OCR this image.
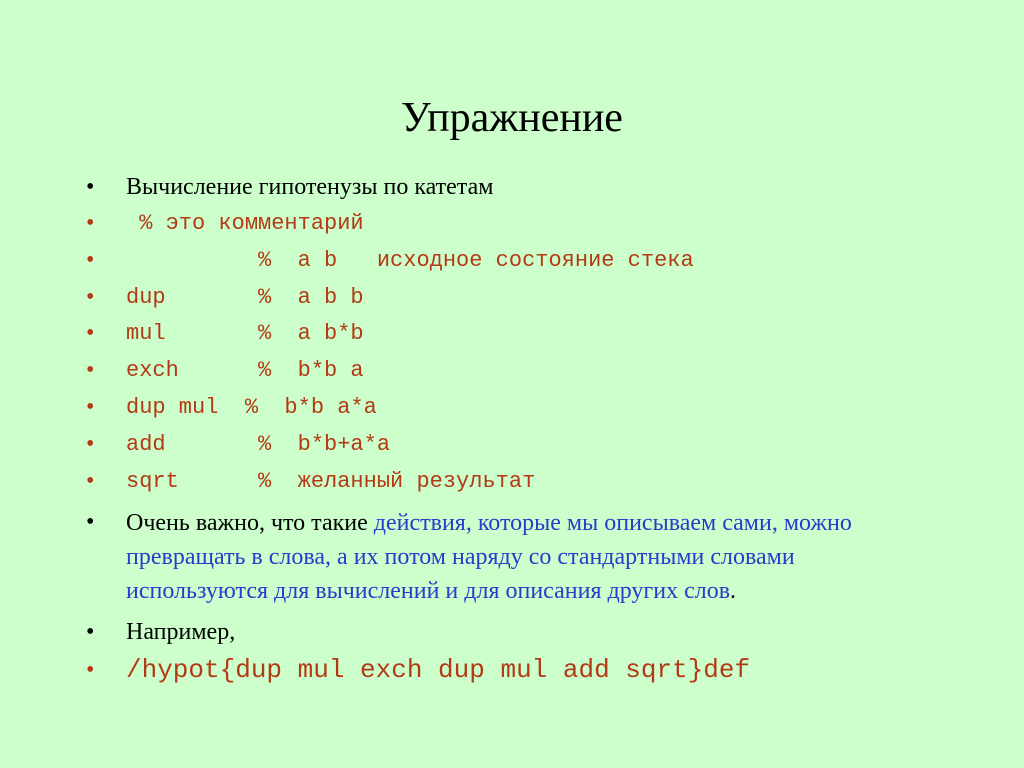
Упражнение

•

Вычисление гипотенузы по катетам

•

% это комментарий

•

%  a b   исходное состояние стека

•

dup       %  a b b

•

mul       %  a b*b

•

exch      %  b*b a

•

dup mul  %  b*b a*a

•

add       %  b*b+a*a

•

sqrt      %  желанный результат

•

Очень важно, что такие действия, которые мы описываем сами, можно превращать в слова, а их потом наряду со стандартными словами используются для вычислений и для описания других слов.

•

Например,

•

/hypot{dup mul exch dup mul add sqrt}def
